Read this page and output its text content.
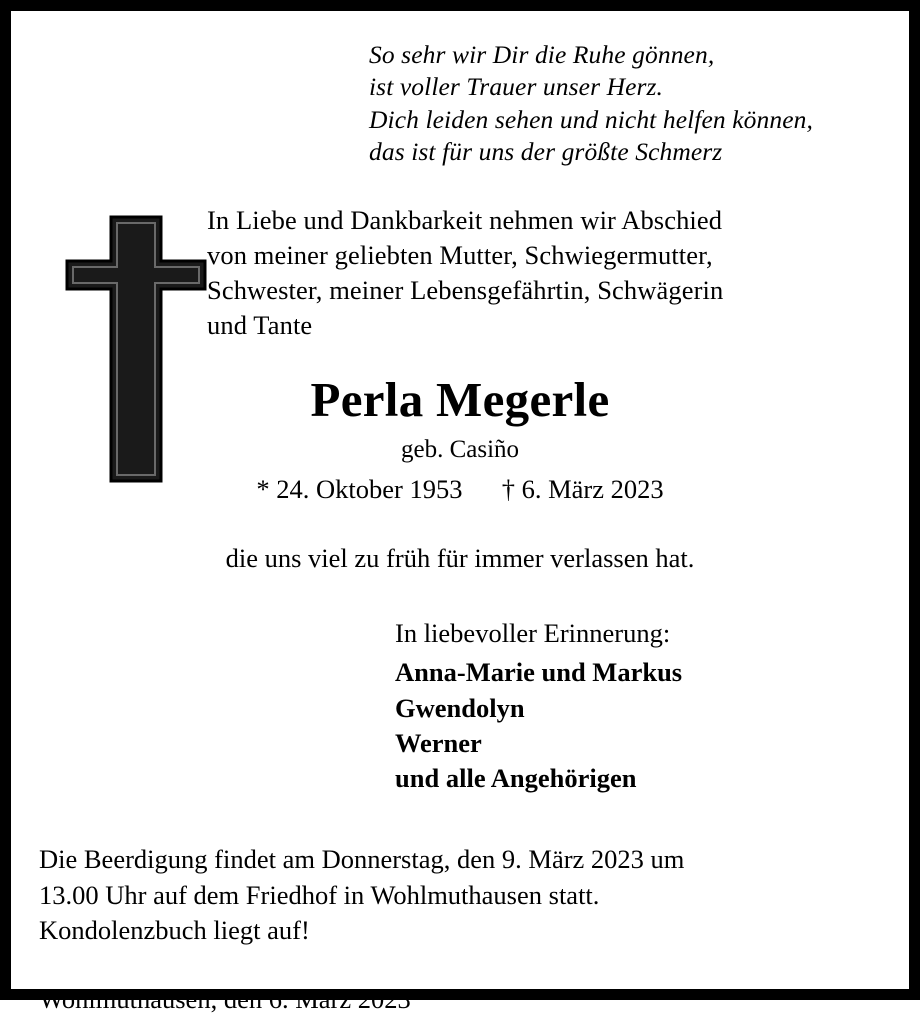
So sehr wir Dir die Ruhe gönnen,
ist voller Trauer unser Herz.
Dich leiden sehen und nicht helfen können,
das ist für uns der größte Schmerz
In Liebe und Dankbarkeit nehmen wir Abschied
von meiner geliebten Mutter, Schwiegermutter,
Schwester, meiner Lebensgefährtin, Schwägerin
und Tante
Perla Megerle
geb. Casiño
* 24. Oktober 1953 † 6. März 2023
die uns viel zu früh für immer verlassen hat.
In liebevoller Erinnerung:
Anna-Marie und Markus
Gwendolyn
Werner
und alle Angehörigen
Die Beerdigung findet am Donnerstag, den 9. März 2023 um
13.00 Uhr auf dem Friedhof in Wohlmuthausen statt.
Kondolenzbuch liegt auf!
Wohlmuthausen, den 6. März 2023
